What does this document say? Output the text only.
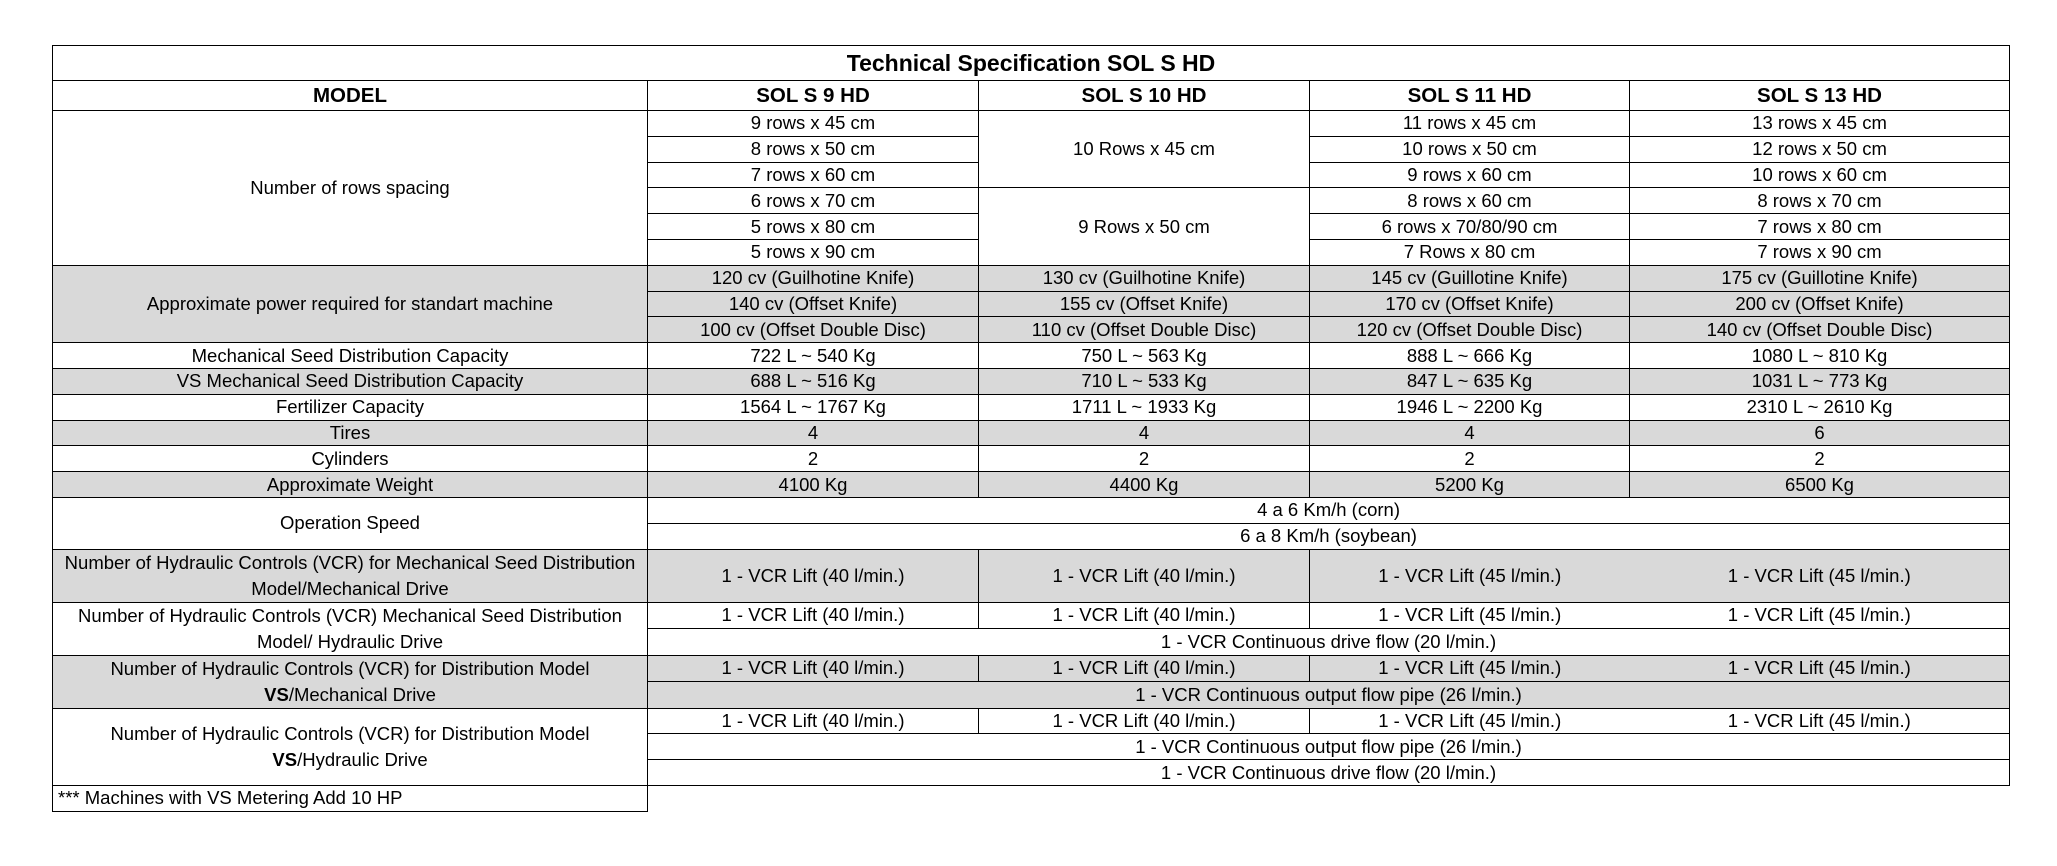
Technical Specification SOL S HD				
MODEL	SOL S 9 HD	SOL S 10 HD	SOL S 11 HD	SOL S 13 HD
Number of rows spacing	9 rows x 45 cm	10 Rows x 45 cm	11 rows x 45 cm	13 rows x 45 cm
	8 rows x 50 cm		10 rows x 50 cm	12 rows x 50 cm
	7 rows x 60 cm		9 rows x 60 cm	10 rows x 60 cm
	6 rows x 70 cm	9 Rows x 50 cm	8 rows x 60 cm	8 rows x 70 cm
	5 rows x 80 cm		6 rows x 70/80/90 cm	7 rows x 80 cm
	5 rows x 90 cm		7 Rows x 80 cm	7 rows x 90 cm
Approximate power required for standart machine	120 cv (Guilhotine Knife)	130 cv (Guilhotine Knife)	145 cv (Guillotine Knife)	175 cv (Guillotine Knife)
	140 cv (Offset Knife)	155 cv (Offset Knife)	170 cv (Offset Knife)	200 cv (Offset Knife)
	100 cv (Offset Double Disc)	110 cv (Offset Double Disc)	120 cv (Offset Double Disc)	140 cv (Offset Double Disc)
Mechanical Seed Distribution Capacity	722 L ~ 540 Kg	750 L ~ 563 Kg	888 L ~ 666 Kg	1080 L ~ 810 Kg
VS Mechanical Seed Distribution Capacity	688 L ~ 516 Kg	710 L ~ 533 Kg	847 L ~ 635 Kg	1031 L ~ 773 Kg
Fertilizer Capacity	1564 L ~ 1767 Kg	1711 L ~ 1933 Kg	1946 L ~ 2200 Kg	2310 L ~ 2610 Kg
Tires	4	4	4	6
Cylinders	2	2	2	2
Approximate Weight	4100 Kg	4400 Kg	5200 Kg	6500 Kg
Operation Speed	4 a 6 Km/h (corn)			
	6 a 8 Km/h (soybean)			
Number of Hydraulic Controls (VCR) for Mechanical Seed Distribution Model/Mechanical Drive	1 - VCR Lift (40 l/min.)	1 - VCR Lift (40 l/min.)	1 - VCR Lift (45 l/min.)	1 - VCR Lift (45 l/min.)
Number of Hydraulic Controls (VCR) Mechanical Seed Distribution Model/ Hydraulic Drive	1 - VCR Lift (40 l/min.)	1 - VCR Lift (40 l/min.)	1 - VCR Lift (45 l/min.)	1 - VCR Lift (45 l/min.)
	1 - VCR Continuous drive flow (20 l/min.)			
Number of Hydraulic Controls (VCR) for Distribution Model
VS/Mechanical Drive	1 - VCR Lift (40 l/min.)	1 - VCR Lift (40 l/min.)	1 - VCR Lift (45 l/min.)	1 - VCR Lift (45 l/min.)
	1 - VCR Continuous output flow pipe (26 l/min.)			
Number of Hydraulic Controls (VCR) for Distribution Model
VS/Hydraulic Drive	1 - VCR Lift (40 l/min.)	1 - VCR Lift (40 l/min.)	1 - VCR Lift (45 l/min.)	1 - VCR Lift (45 l/min.)
	1 - VCR Continuous output flow pipe (26 l/min.)			
	1 - VCR Continuous drive flow (20 l/min.)			
*** Machines with VS Metering Add 10 HP				
